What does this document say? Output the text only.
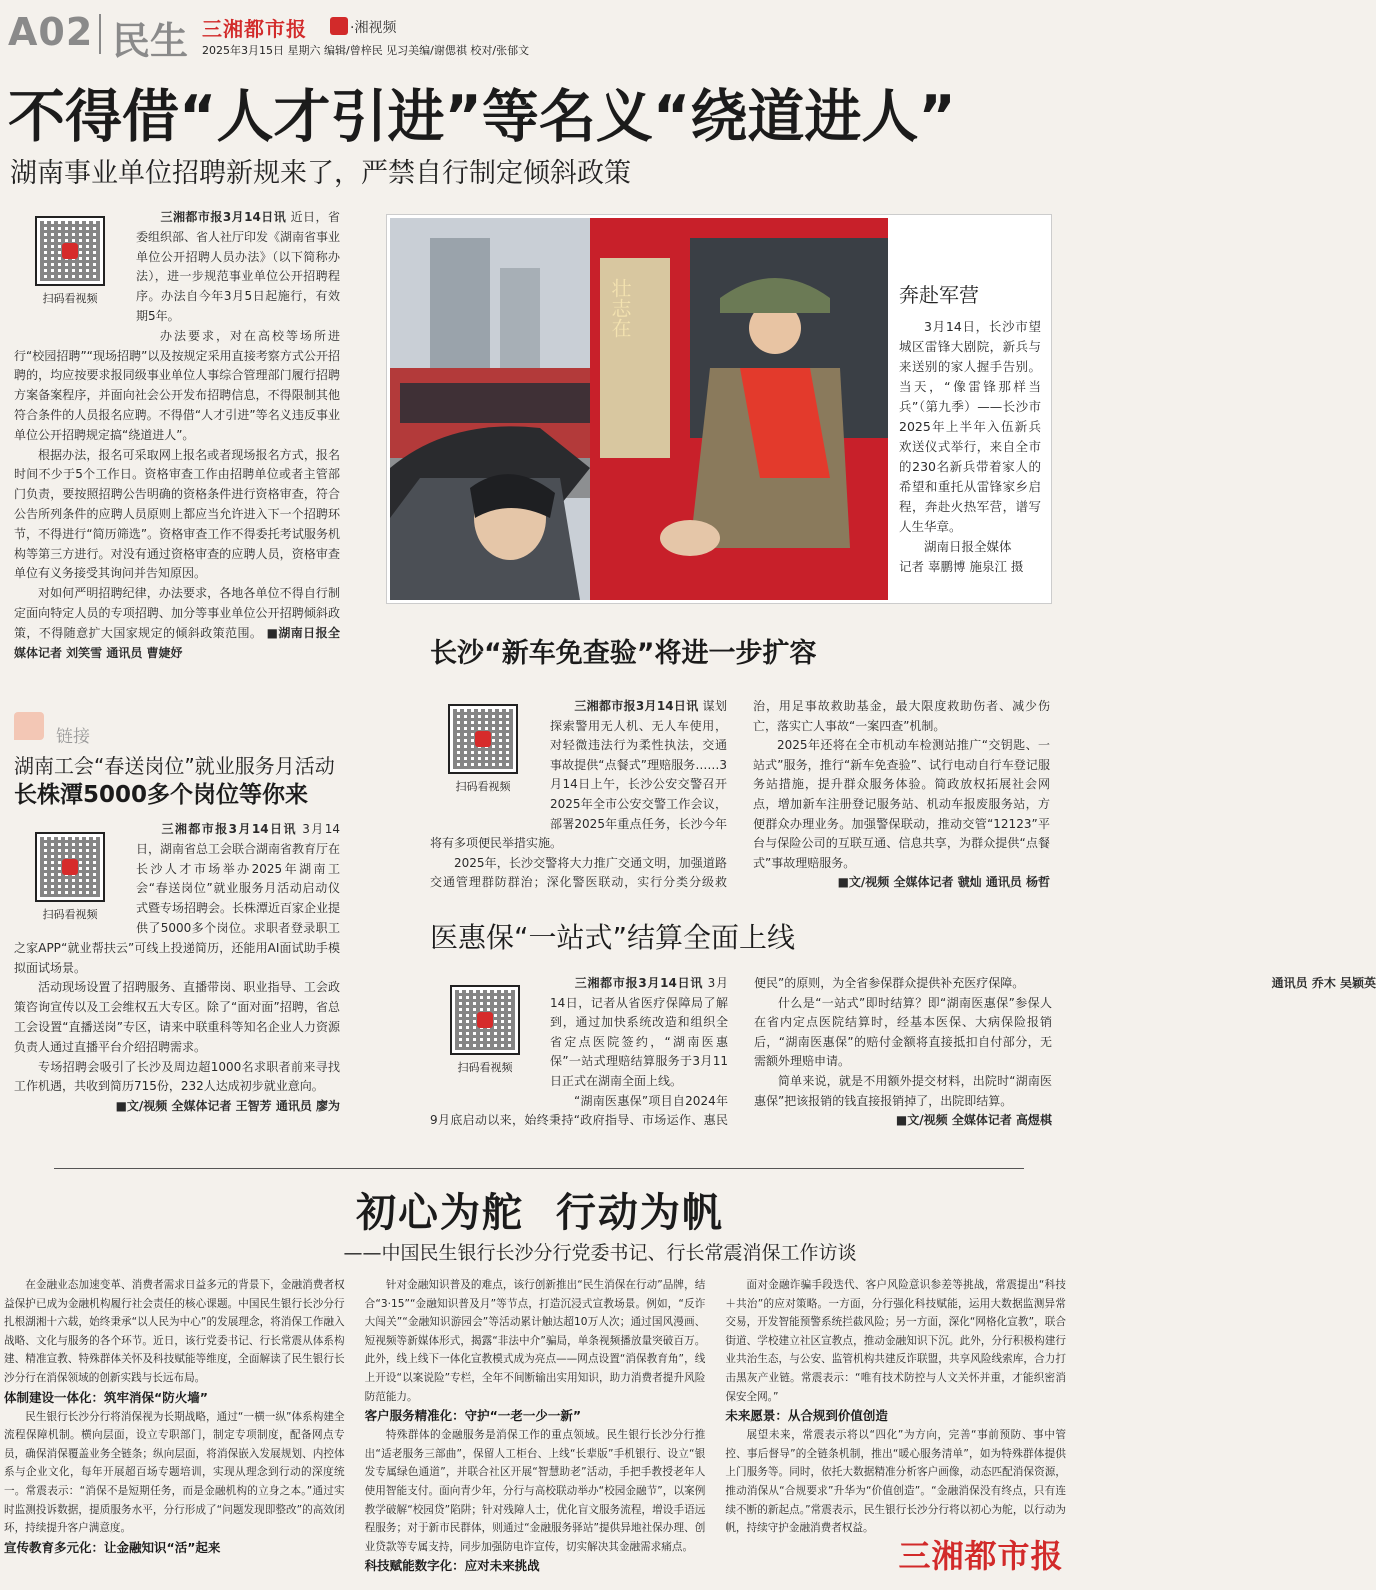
A02 民生 三湘都市报	·湘视频
2025年3月15日 星期六 编辑/曾梓民 见习美编/谢偲祺 校对/张郁文
不得借“人才引进”等名义“绕道进人”
湖南事业单位招聘新规来了，严禁自行制定倾斜政策
扫码看视频

三湘都市报3月14日讯 近日，省委组织部、省人社厅印发《湖南省事业单位公开招聘人员办法》（以下简称办法），进一步规范事业单位公开招聘程序。办法自今年3月5日起施行，有效期5年。

办法要求，对在高校等场所进行“校园招聘”“现场招聘”以及按规定采用直接考察方式公开招聘的，均应按要求报同级事业单位人事综合管理部门履行招聘方案备案程序，并面向社会公开发布招聘信息，不得限制其他符合条件的人员报名应聘。不得借“人才引进”等名义违反事业单位公开招聘规定搞“绕道进人”。

根据办法，报名可采取网上报名或者现场报名方式，报名时间不少于5个工作日。资格审查工作由招聘单位或者主管部门负责，要按照招聘公告明确的资格条件进行资格审查，符合公告所列条件的应聘人员原则上都应当允许进入下一个招聘环节，不得进行“简历筛选”。资格审查工作不得委托考试服务机构等第三方进行。对没有通过资格审查的应聘人员，资格审查单位有义务接受其询问并告知原因。

对如何严明招聘纪律，办法要求，各地各单位不得自行制定面向特定人员的专项招聘、加分等事业单位公开招聘倾斜政策，不得随意扩大国家规定的倾斜政策范围。 ■湖南日报全媒体记者 刘笑雪 通讯员 曹婕妤

链接
湖南工会“春送岗位”就业服务月活动
长株潭5000多个岗位等你来
扫码看视频

三湘都市报3月14日讯 3月14日，湖南省总工会联合湖南省教育厅在长沙人才市场举办2025年湖南工会“春送岗位”就业服务月活动启动仪式暨专场招聘会。长株潭近百家企业提供了5000多个岗位。求职者登录职工之家APP“就业帮扶云”可线上投递简历，还能用AI面试助手模拟面试场景。

活动现场设置了招聘服务、直播带岗、职业指导、工会政策咨询宣传以及工会维权五大专区。除了“面对面”招聘，省总工会设置“直播送岗”专区，请来中联重科等知名企业人力资源负责人通过直播平台介绍招聘需求。

专场招聘会吸引了长沙及周边超1000名求职者前来寻找工作机遇，共收到简历715份，232人达成初步就业意向。

■文/视频 全媒体记者 王智芳 通讯员 廖为
壮志在	奔赴军营

3月14日，长沙市望城区雷锋大剧院，新兵与来送别的家人握手告别。当天，“像雷锋那样当兵”（第九季）——长沙市2025年上半年入伍新兵欢送仪式举行，来自全市的230名新兵带着家人的希望和重托从雷锋家乡启程，奔赴火热军营，谱写人生华章。

湖南日报全媒体

记者 辜鹏博 施泉江 摄

长沙“新车免查验”将进一步扩容
扫码看视频

三湘都市报3月14日讯 谋划探索警用无人机、无人车使用，对轻微违法行为柔性执法，交通事故提供“点餐式”理赔服务……3月14日上午，长沙公安交警召开2025年全市公安交警工作会议，部署2025年重点任务，长沙今年将有多项便民举措实施。

2025年，长沙交警将大力推广交通文明，加强道路交通管理群防群治；深化警医联动，实行分类分级救治，用足事故救助基金，最大限度救助伤者、减少伤亡，落实亡人事故“一案四查”机制。

2025年还将在全市机动车检测站推广“交钥匙、一站式”服务，推行“新车免查验”、试行电动自行车登记服务站措施，提升群众服务体验。简政放权拓展社会网点，增加新车注册登记服务站、机动车报废服务站，方便群众办理业务。加强警保联动，推动交管“12123”平台与保险公司的互联互通、信息共享，为群众提供“点餐式”事故理赔服务。

■文/视频 全媒体记者 虢灿 通讯员 杨哲
医惠保“一站式”结算全面上线
扫码看视频

三湘都市报3月14日讯 3月14日，记者从省医疗保障局了解到，通过加快系统改造和组织全省定点医院签约，“湖南医惠保”一站式理赔结算服务于3月11日正式在湖南全面上线。

“湖南医惠保”项目自2024年9月底启动以来，始终秉持“政府指导、市场运作、惠民便民”的原则，为全省参保群众提供补充医疗保障。

什么是“一站式”即时结算？即“湖南医惠保”参保人在省内定点医院结算时，经基本医保、大病保险报销后，“湖南医惠保”的赔付金额将直接抵扣自付部分，无需额外理赔申请。

简单来说，就是不用额外提交材料，出院时“湖南医惠保”把该报销的钱直接报销掉了，出院即结算。

■文/视频 全媒体记者 高煜棋
通讯员 乔木 吴颖英
初心为舵  行动为帆
——中国民生银行长沙分行党委书记、行长常震消保工作访谈

在金融业态加速变革、消费者需求日益多元的背景下，金融消费者权益保护已成为金融机构履行社会责任的核心课题。中国民生银行长沙分行扎根湖湘十六载，始终秉承“以人民为中心”的发展理念，将消保工作融入战略、文化与服务的各个环节。近日，该行党委书记、行长常震从体系构建、精准宣教、特殊群体关怀及科技赋能等维度，全面解读了民生银行长沙分行在消保领域的创新实践与长远布局。

体制建设一体化：筑牢消保“防火墙”

民生银行长沙分行将消保视为长期战略，通过“一横一纵”体系构建全流程保障机制。横向层面，设立专职部门，制定专项制度，配备网点专员，确保消保覆盖业务全链条；纵向层面，将消保嵌入发展规划、内控体系与企业文化，每年开展超百场专题培训，实现从理念到行动的深度统一。常震表示：“消保不是短期任务，而是金融机构的立身之本。”通过实时监测投诉数据，提质服务水平，分行形成了“问题发现即整改”的高效闭环，持续提升客户满意度。

宣传教育多元化：让金融知识“活”起来

针对金融知识普及的难点，该行创新推出“民生消保在行动”品牌，结合“3·15”“金融知识普及月”等节点，打造沉浸式宣教场景。例如，“反诈大闯关”“金融知识游园会”等活动累计触达超10万人次；通过国风漫画、短视频等新媒体形式，揭露“非法中介”骗局，单条视频播放量突破百万。此外，线上线下一体化宣教模式成为亮点——网点设置“消保教育角”，线上开设“以案说险”专栏，全年不间断输出实用知识，助力消费者提升风险防范能力。

客户服务精准化：守护“一老一少一新”

特殊群体的金融服务是消保工作的重点领域。民生银行长沙分行推出“适老服务三部曲”，保留人工柜台、上线“长辈版”手机银行、设立“银发专属绿色通道”，并联合社区开展“智慧助老”活动，手把手教授老年人使用智能支付。面向青少年，分行与高校联动举办“校园金融节”，以案例教学破解“校园贷”陷阱；针对残障人士，优化盲文服务流程，增设手语远程服务；对于新市民群体，则通过“金融服务驿站”提供异地社保办理、创业贷款等专属支持，同步加强防电诈宣传，切实解决其金融需求痛点。

科技赋能数字化：应对未来挑战

面对金融诈骗手段迭代、客户风险意识参差等挑战，常震提出“科技＋共治”的应对策略。一方面，分行强化科技赋能，运用大数据监测异常交易，开发智能预警系统拦截风险；另一方面，深化“网格化宣教”，联合街道、学校建立社区宣教点，推动金融知识下沉。此外，分行积极构建行业共治生态，与公安、监管机构共建反诈联盟，共享风险线索库，合力打击黑灰产业链。常震表示：“唯有技术防控与人文关怀并重，才能织密消保安全网。”

未来愿景：从合规到价值创造

展望未来，常震表示将以“四化”为方向，完善“事前预防、事中管控、事后督导”的全链条机制，推出“暖心服务清单”，如为特殊群体提供上门服务等。同时，依托大数据精准分析客户画像，动态匹配消保资源，推动消保从“合规要求”升华为“价值创造”。“金融消保没有终点，只有连续不断的新起点。”常震表示，民生银行长沙分行将以初心为舵，以行动为帆，持续守护金融消费者权益。

三湘都市报
